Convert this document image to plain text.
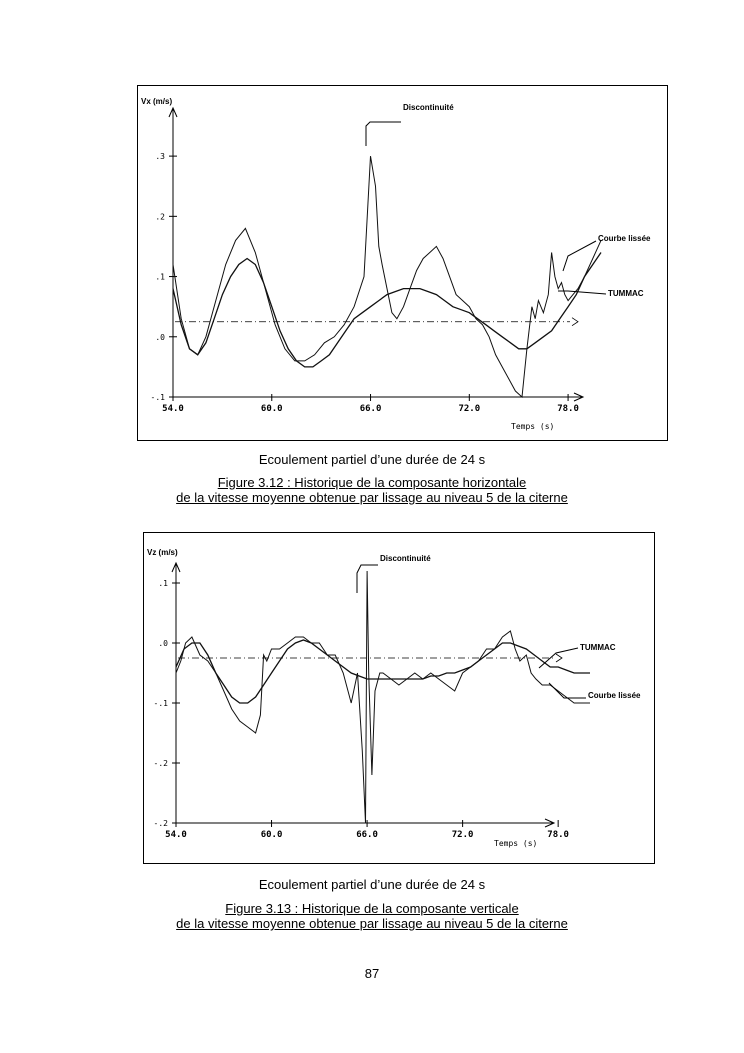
-.1
.0
.1
.2
.3
54.0	60.0	66.0	72.0	78.0
Vx (m/s)
Temps (s)
Discontinuité
Courbe lissée
TUMMAC
Ecoulement partiel d’une durée de 24 s
Figure 3.12 : Historique de la composante horizontale
de la vitesse moyenne obtenue par lissage au niveau 5 de la citerne
-.2
-.2
-.1
.0
.1
54.0	60.0	66.0	72.0	78.0
Vz (m/s)
Temps (s)
Discontinuité
TUMMAC
Courbe lissée
Ecoulement partiel d’une durée de 24 s
Figure 3.13 : Historique de la composante verticale
de la vitesse moyenne obtenue par lissage au niveau 5 de la citerne
87
